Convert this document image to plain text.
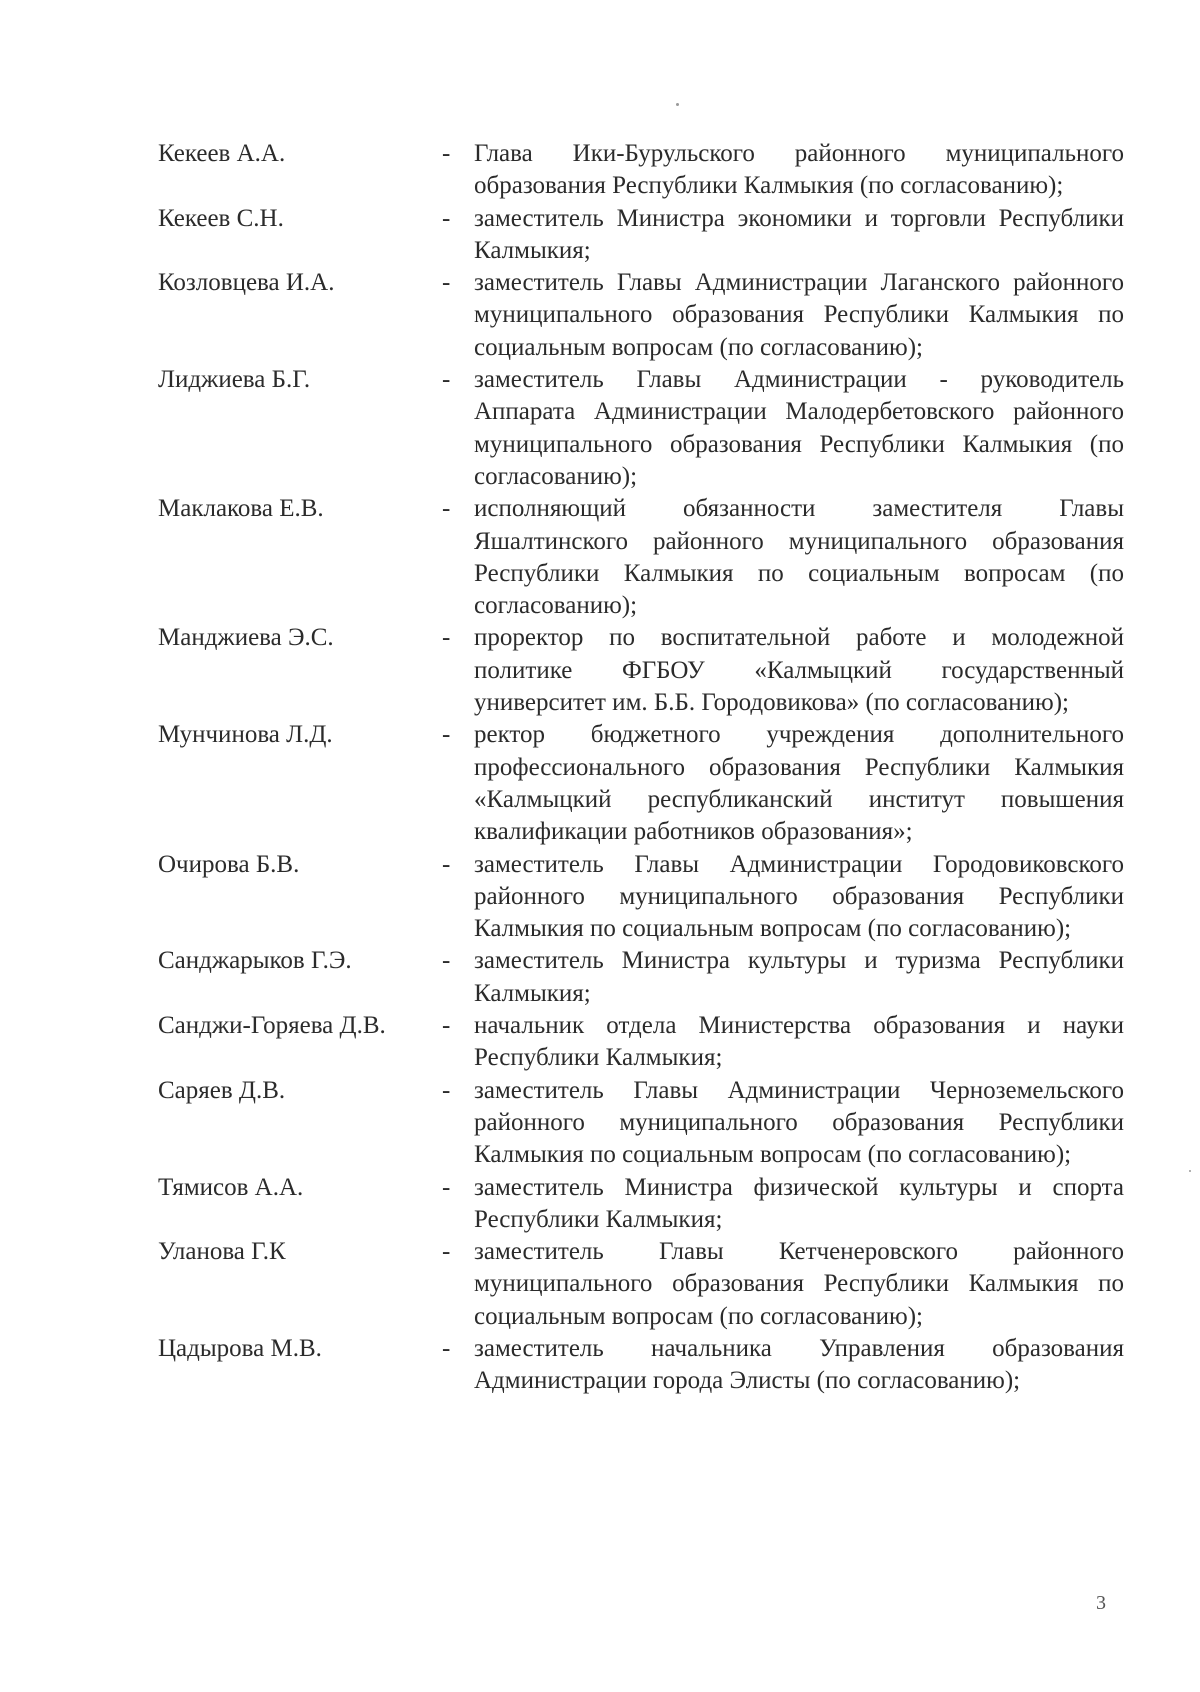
Кекеев А.А.	- Глава Ики-Бурульского районного муниципального образования Республики Калмыкия (по согласованию);
Кекеев С.Н.	- заместитель Министра экономики и торговли Республики Калмыкия;
Козловцева И.А.	- заместитель Главы Администрации Лаганского районного муниципального образования Республики Калмыкия по социальным вопросам (по согласованию);
Лиджиева Б.Г.	- заместитель Главы Администрации - руководитель Аппарата Администрации Малодербетовского районного муниципального образования Республики Калмыкия (по согласованию);
Маклакова Е.В.	- исполняющий обязанности заместителя Главы Яшалтинского районного муниципального образования Республики Калмыкия по социальным вопросам (по согласованию);
Манджиева Э.С.	- проректор по воспитательной работе и молодежной политике ФГБОУ «Калмыцкий государственный университет им. Б.Б. Городовикова» (по согласованию);
Мунчинова Л.Д.	- ректор бюджетного учреждения дополнительного профессионального образования Республики Калмыкия «Калмыцкий республиканский институт повышения квалификации работников образования»;
Очирова Б.В.	- заместитель Главы Администрации Городовиковского районного муниципального образования Республики Калмыкия по социальным вопросам (по согласованию);
Санджарыков Г.Э.	- заместитель Министра культуры и туризма Республики Калмыкия;
Санджи-Горяева Д.В.	- начальник отдела Министерства образования и науки Республики Калмыкия;
Саряев Д.В.	- заместитель Главы Администрации Черноземельского районного муниципального образования Республики Калмыкия по социальным вопросам (по согласованию);
Тямисов А.А.	- заместитель Министра физической культуры и спорта Республики Калмыкия;
Уланова Г.К	- заместитель Главы Кетченеровского районного муниципального образования Республики Калмыкия по социальным вопросам (по согласованию);
Цадырова М.В.	- заместитель начальника Управления образования Администрации города Элисты (по согласованию);
3
